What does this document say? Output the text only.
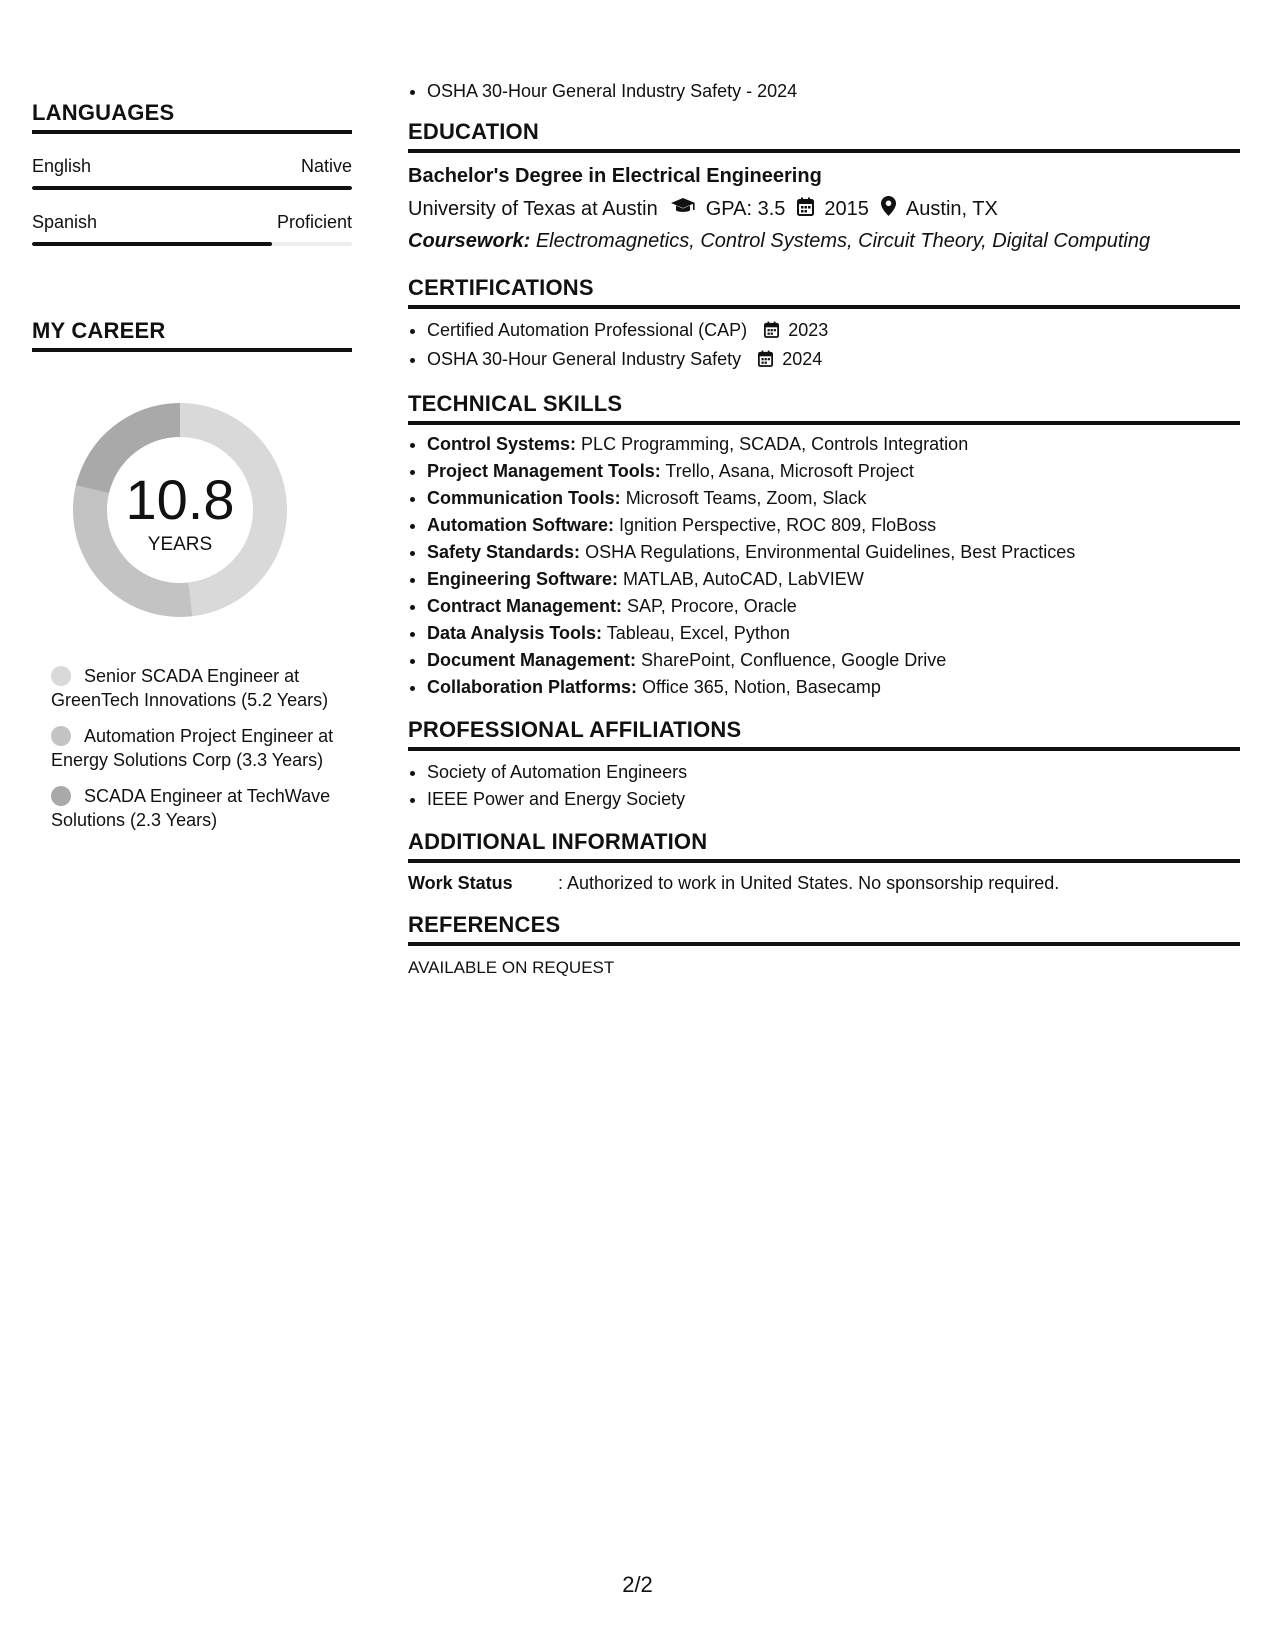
LANGUAGES
English	Native
Spanish	Proficient
MY CAREER
10.8
YEARS
Senior SCADA Engineer at GreenTech Innovations (5.2 Years)
Automation Project Engineer at Energy Solutions Corp (3.3 Years)
SCADA Engineer at TechWave Solutions (2.3 Years)
• OSHA 30-Hour General Industry Safety - 2024
EDUCATION
Bachelor's Degree in Electrical Engineering
University of Texas at Austin GPA: 3.5 2015 Austin, TX
Coursework: Electromagnetics, Control Systems, Circuit Theory, Digital Computing
CERTIFICATIONS
• Certified Automation Professional (CAP) 2023
• OSHA 30-Hour General Industry Safety 2024
TECHNICAL SKILLS
• Control Systems: PLC Programming, SCADA, Controls Integration
• Project Management Tools: Trello, Asana, Microsoft Project
• Communication Tools: Microsoft Teams, Zoom, Slack
• Automation Software: Ignition Perspective, ROC 809, FloBoss
• Safety Standards: OSHA Regulations, Environmental Guidelines, Best Practices
• Engineering Software: MATLAB, AutoCAD, LabVIEW
• Contract Management: SAP, Procore, Oracle
• Data Analysis Tools: Tableau, Excel, Python
• Document Management: SharePoint, Confluence, Google Drive
• Collaboration Platforms: Office 365, Notion, Basecamp
PROFESSIONAL AFFILIATIONS
• Society of Automation Engineers
• IEEE Power and Energy Society
ADDITIONAL INFORMATION
Work Status	: Authorized to work in United States. No sponsorship required.
REFERENCES
AVAILABLE ON REQUEST
2/2
